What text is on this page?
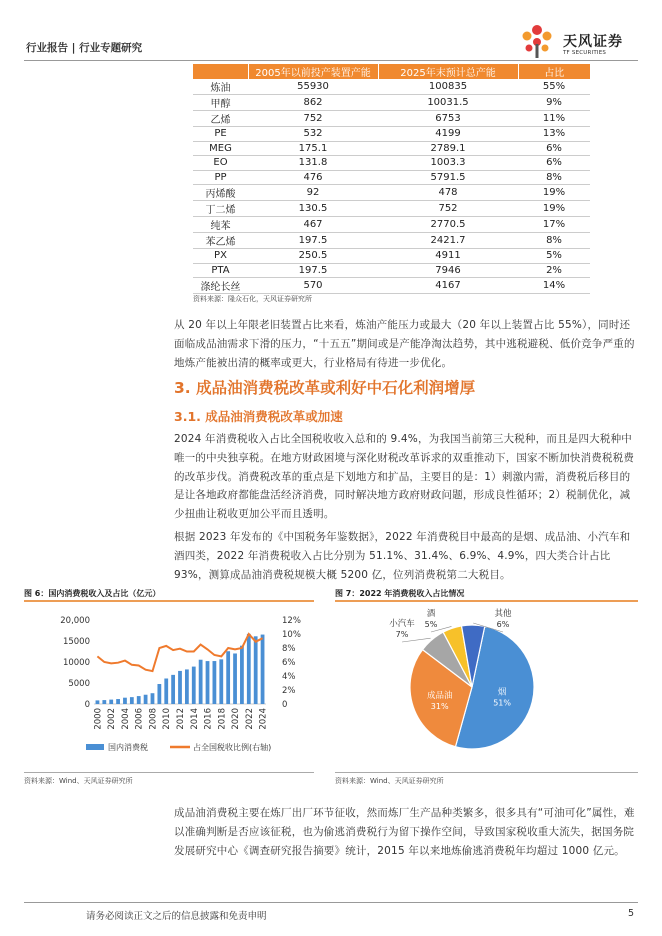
行业报告 | 行业专题研究	天风证券
TF SECURITIES
	2005年以前投产装置产能	2025年末预计总产能	占比
炼油	55930	100835	55%
甲醇	862	10031.5	9%
乙烯	752	6753	11%
PE	532	4199	13%
MEG	175.1	2789.1	6%
EO	131.8	1003.3	6%
PP	476	5791.5	8%
丙烯酸	92	478	19%
丁二烯	130.5	752	19%
纯苯	467	2770.5	17%
苯乙烯	197.5	2421.7	8%
PX	250.5	4911	5%
PTA	197.5	7946	2%
涤纶长丝	570	4167	14%
资料来源：隆众石化，天风证券研究所
从 20 年以上年限老旧装置占比来看，炼油产能压力或最大（20 年以上装置占比 55%），同时还面临成品油需求下滑的压力，“十五五”期间或是产能净淘汰趋势，其中逃税避税、低价竞争严重的地炼产能被出清的概率或更大，行业格局有待进一步优化。
3. 成品油消费税改革或利好中石化利润增厚
3.1. 成品油消费税改革或加速
2024 年消费税收入占比全国税收收入总和的 9.4%，为我国当前第三大税种，而且是四大税种中唯一的中央独享税。在地方财政困境与深化财税改革诉求的双重推动下，国家不断加快消费税税费的改革步伐。消费税改革的重点是下划地方和扩品，主要目的是：1）刺激内需，消费税后移目的是让各地政府都能盘活经济消费，同时解决地方政府财政问题，形成良性循环；2）税制优化，减少扭曲让税收更加公平而且透明。
根据 2023 年发布的《中国税务年鉴数据》，2022 年消费税目中最高的是烟、成品油、小汽车和酒四类，2022 年消费税收入占比分别为 51.1%、31.4%、6.9%、4.9%，四大类合计占比 93%，测算成品油消费税规模大概 5200 亿，位列消费税第二大税目。
图 6：国内消费税收入及占比（亿元）
0
5000
10000
15000
20,000
0
2%
4%
6%
8%
10%
12%
2000 2002 2004 2006 2008 2010 2012 2014 2016 2018 2020 2022 2024
国内消费税	占全国税收比例(右轴)
资料来源：Wind、天风证券研究所
图 7：2022 年消费税收入占比情况
烟
51%
成品油
31%
小汽车
7%
酒
5%
其他
6%
资料来源：Wind、天风证券研究所
成品油消费税主要在炼厂出厂环节征收，然而炼厂生产品种类繁多，很多具有“可油可化”属性，难以准确判断是否应该征税，也为偷逃消费税行为留下操作空间，导致国家税收重大流失，据国务院发展研究中心《调查研究报告摘要》统计，2015 年以来地炼偷逃消费税年均超过 1000 亿元。
请务必阅读正文之后的信息披露和免责申明	5
